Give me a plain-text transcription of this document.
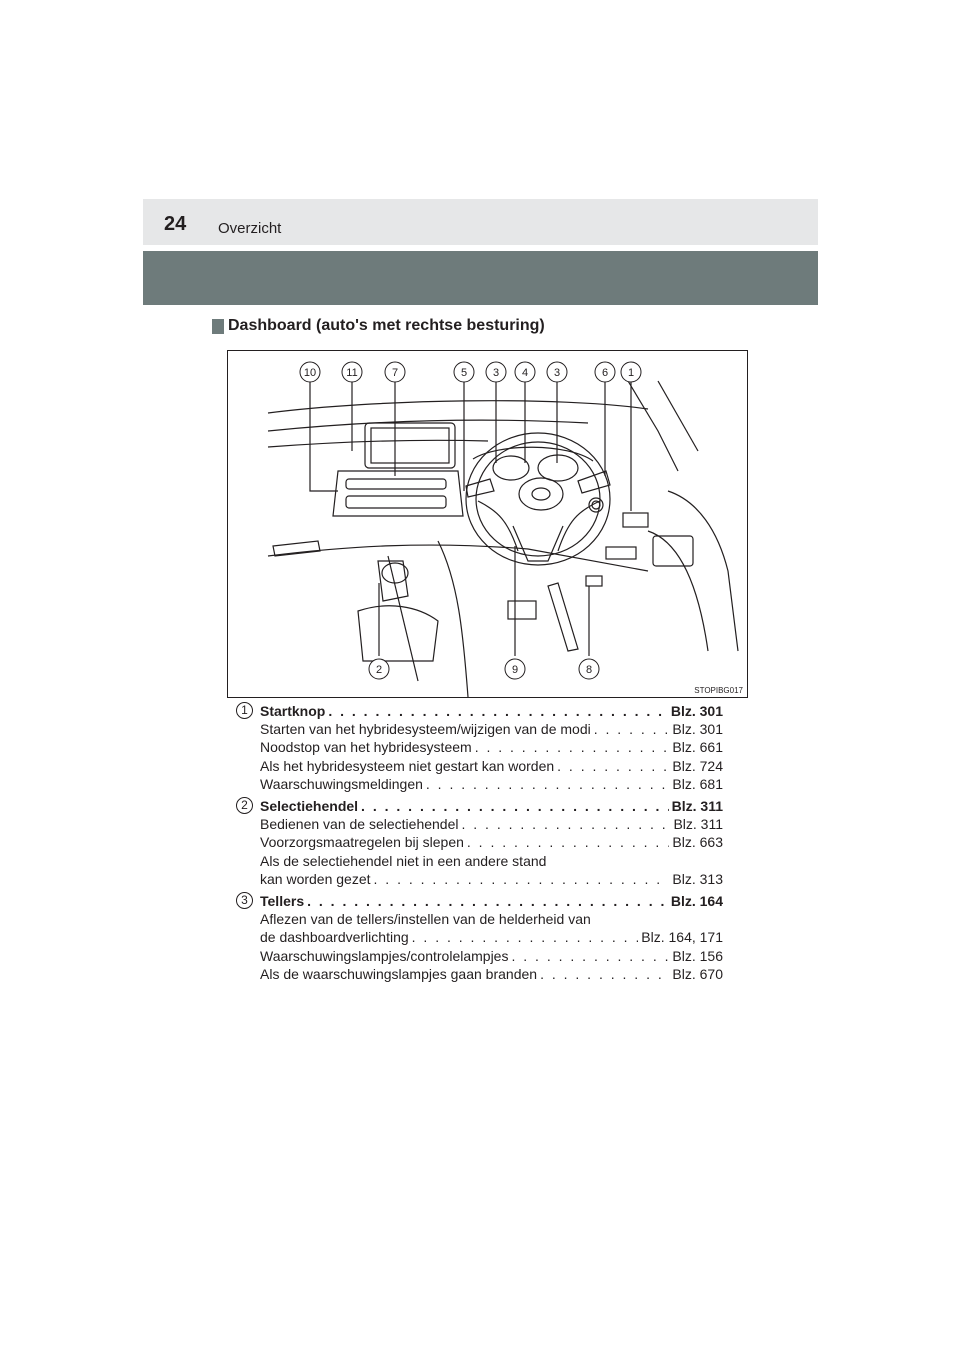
24 Overzicht
Dashboard (auto's met rechtse besturing)
10	11	7	5 3 4 3	6 1
2	9	8
STOPIBG017
1 Startknop . . .	Blz. 301
Starten van het hybridesysteem/wijzigen van de modi . . .	Blz. 301
Noodstop van het hybridesysteem . . .	Blz. 661
Als het hybridesysteem niet gestart kan worden . . .	Blz. 724
Waarschuwingsmeldingen . . .	Blz. 681
2 Selectiehendel . . .	Blz. 311
Bedienen van de selectiehendel . . .	Blz. 311
Voorzorgsmaatregelen bij slepen . . .	Blz. 663
Als de selectiehendel niet in een andere stand
kan worden gezet . . .	Blz. 313
3 Tellers . . .	Blz. 164
Aflezen van de tellers/instellen van de helderheid van
de dashboardverlichting . . .	Blz. 164, 171
Waarschuwingslampjes/controlelampjes . . .	Blz. 156
Als de waarschuwingslampjes gaan branden . . .	Blz. 670
